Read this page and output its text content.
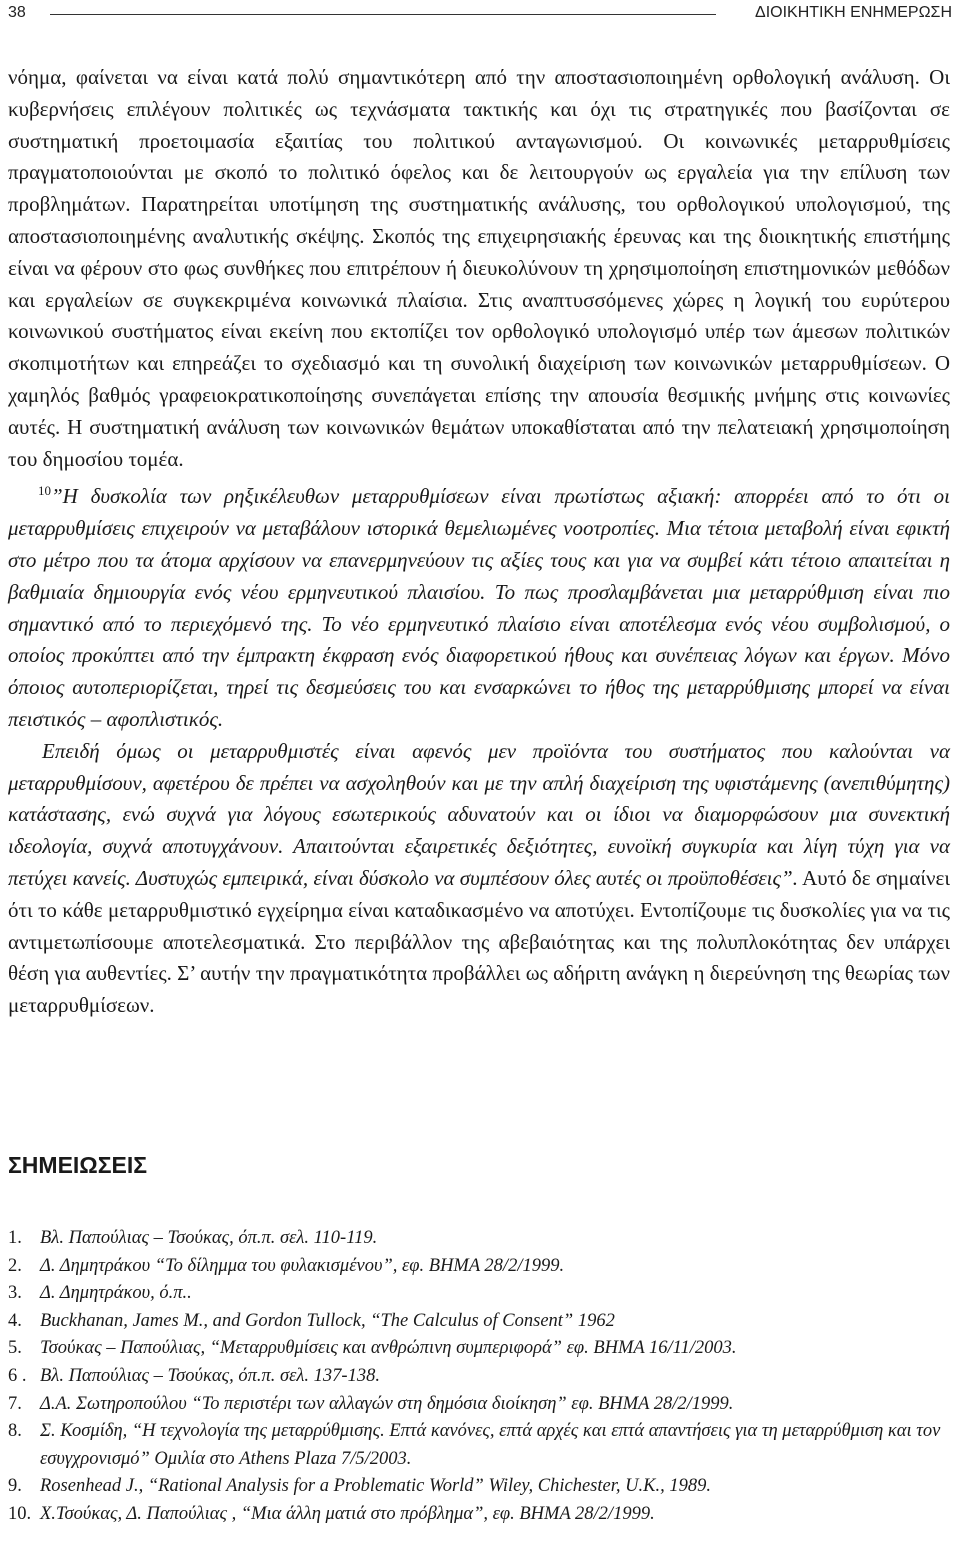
38	ΔΙΟΙΚΗΤΙΚΗ ΕΝΗΜΕΡΩΣΗ

νόημα, φαίνεται να είναι κατά πολύ σημαντικότερη από την αποστασιοποιημένη ορθολογική ανάλυση. Οι κυβερνήσεις επιλέγουν πολιτικές ως τεχνάσματα τακτικής και όχι τις στρατηγικές που βασίζονται σε συστηματική προετοιμασία εξαιτίας του πολιτικού ανταγωνισμού. Οι κοινωνικές μεταρρυθμίσεις πραγματοποιούνται με σκοπό το πολιτικό όφελος και δε λειτουργούν ως εργαλεία για την επίλυση των προβλημάτων. Παρατηρείται υποτίμηση της συστηματικής ανάλυσης, του ορθολογικού υπολογισμού, της αποστασιοποιημένης αναλυτικής σκέψης. Σκοπός της επιχειρησιακής έρευνας και της διοικητικής επιστήμης είναι να φέρουν στο φως συνθήκες που επιτρέπουν ή διευκολύνουν τη χρησιμοποίηση επιστημονικών μεθόδων και εργαλείων σε συγκεκριμένα κοινωνικά πλαίσια. Στις αναπτυσσόμενες χώρες η λογική του ευρύτερου κοινωνικού συστήματος είναι εκείνη που εκτοπίζει τον ορθολογικό υπολογισμό υπέρ των άμεσων πολιτικών σκοπιμοτήτων και επηρεάζει το σχεδιασμό και τη συνολική διαχείριση των κοινωνικών μεταρρυθμίσεων. Ο χαμηλός βαθμός γραφειοκρατικοποίησης συνεπάγεται επίσης την απουσία θεσμικής μνήμης στις κοινωνίες αυτές. Η συστηματική ανάλυση των κοινωνικών θεμάτων υποκαθίσταται από την πελατειακή χρησιμοποίηση του δημοσίου τομέα.

$^{10}$”Η δυσκολία των ρηξικέλευθων μεταρρυθμίσεων είναι πρωτίστως αξιακή: απορρέει από το ότι οι μεταρρυθμίσεις επιχειρούν να μεταβάλουν ιστορικά θεμελιωμένες νοοτροπίες. Μια τέτοια μεταβολή είναι εφικτή στο μέτρο που τα άτομα αρχίσουν να επανερμηνεύουν τις αξίες τους και για να συμβεί κάτι τέτοιο απαιτείται η βαθμιαία δημιουργία ενός νέου ερμηνευτικού πλαισίου. Το πως προσλαμβάνεται μια μεταρρύθμιση είναι πιο σημαντικό από το περιεχόμενό της. Το νέο ερμηνευτικό πλαίσιο είναι αποτέλεσμα ενός νέου συμβολισμού, ο οποίος προκύπτει από την έμπρακτη έκφραση ενός διαφορετικού ήθους και συνέπειας λόγων και έργων. Μόνο όποιος αυτοπεριορίζεται, τηρεί τις δεσμεύσεις του και ενσαρκώνει το ήθος της μεταρρύθμισης μπορεί να είναι πειστικός – αφοπλιστικός.

Επειδή όμως οι μεταρρυθμιστές είναι αφενός μεν προϊόντα του συστήματος που καλούνται να μεταρρυθμίσουν, αφετέρου δε πρέπει να ασχοληθούν και με την απλή διαχείριση της υφιστάμενης (ανεπιθύμητης) κατάστασης, ενώ συχνά για λόγους εσωτερικούς αδυνατούν και οι ίδιοι να διαμορφώσουν μια συνεκτική ιδεολογία, συχνά αποτυγχάνουν. Απαιτούνται εξαιρετικές δεξιότητες, ευνοϊκή συγκυρία και λίγη τύχη για να πετύχει κανείς. Δυστυχώς εμπειρικά, είναι δύσκολο να συμπέσουν όλες αυτές οι προϋποθέσεις”. Αυτό δε σημαίνει ότι το κάθε μεταρρυθμιστικό εγχείρημα είναι καταδικασμένο να αποτύχει. Εντοπίζουμε τις δυσκολίες για να τις αντιμετωπίσουμε αποτελεσματικά. Στο περιβάλλον της αβεβαιότητας και της πολυπλοκότητας δεν υπάρχει θέση για αυθεντίες. Σ’ αυτήν την πραγματικότητα προβάλλει ως αδήριτη ανάγκη η διερεύνηση της θεωρίας των μεταρρυθμίσεων.

ΣΗΜΕΙΩΣΕΙΣ
1. Βλ. Παπούλιας – Τσούκας, όπ.π. σελ. 110-119.
2. Δ. Δημητράκου “Το δίλημμα του φυλακισμένου”, εφ. ΒΗΜΑ 28/2/1999.
3. Δ. Δημητράκου, ό.π..
4. Buckhanan, James M., and Gordon Tullock, “The Calculus of Consent” 1962
5. Τσούκας – Παπούλιας, “Μεταρρυθμίσεις και ανθρώπινη συμπεριφορά” εφ. ΒΗΜΑ 16/11/2003.
6 . Βλ. Παπούλιας – Τσούκας, όπ.π. σελ. 137-138.
7. Δ.Α. Σωτηροπούλου “Το περιστέρι των αλλαγών στη δημόσια διοίκηση” εφ. ΒΗΜΑ 28/2/1999.
8. Σ. Κοσμίδη, “Η τεχνολογία της μεταρρύθμισης. Επτά κανόνες, επτά αρχές και επτά απαντήσεις για τη μεταρρύθμιση και τον εσυγχρονισμό” Ομιλία στο Athens Plaza 7/5/2003.
9. Rosenhead J., “Rational Analysis for a Problematic World” Wiley, Chichester, U.K., 1989.
10. Χ.Τσούκας, Δ. Παπούλιας , “Μια άλλη ματιά στο πρόβλημα”, εφ. ΒΗΜΑ 28/2/1999.
